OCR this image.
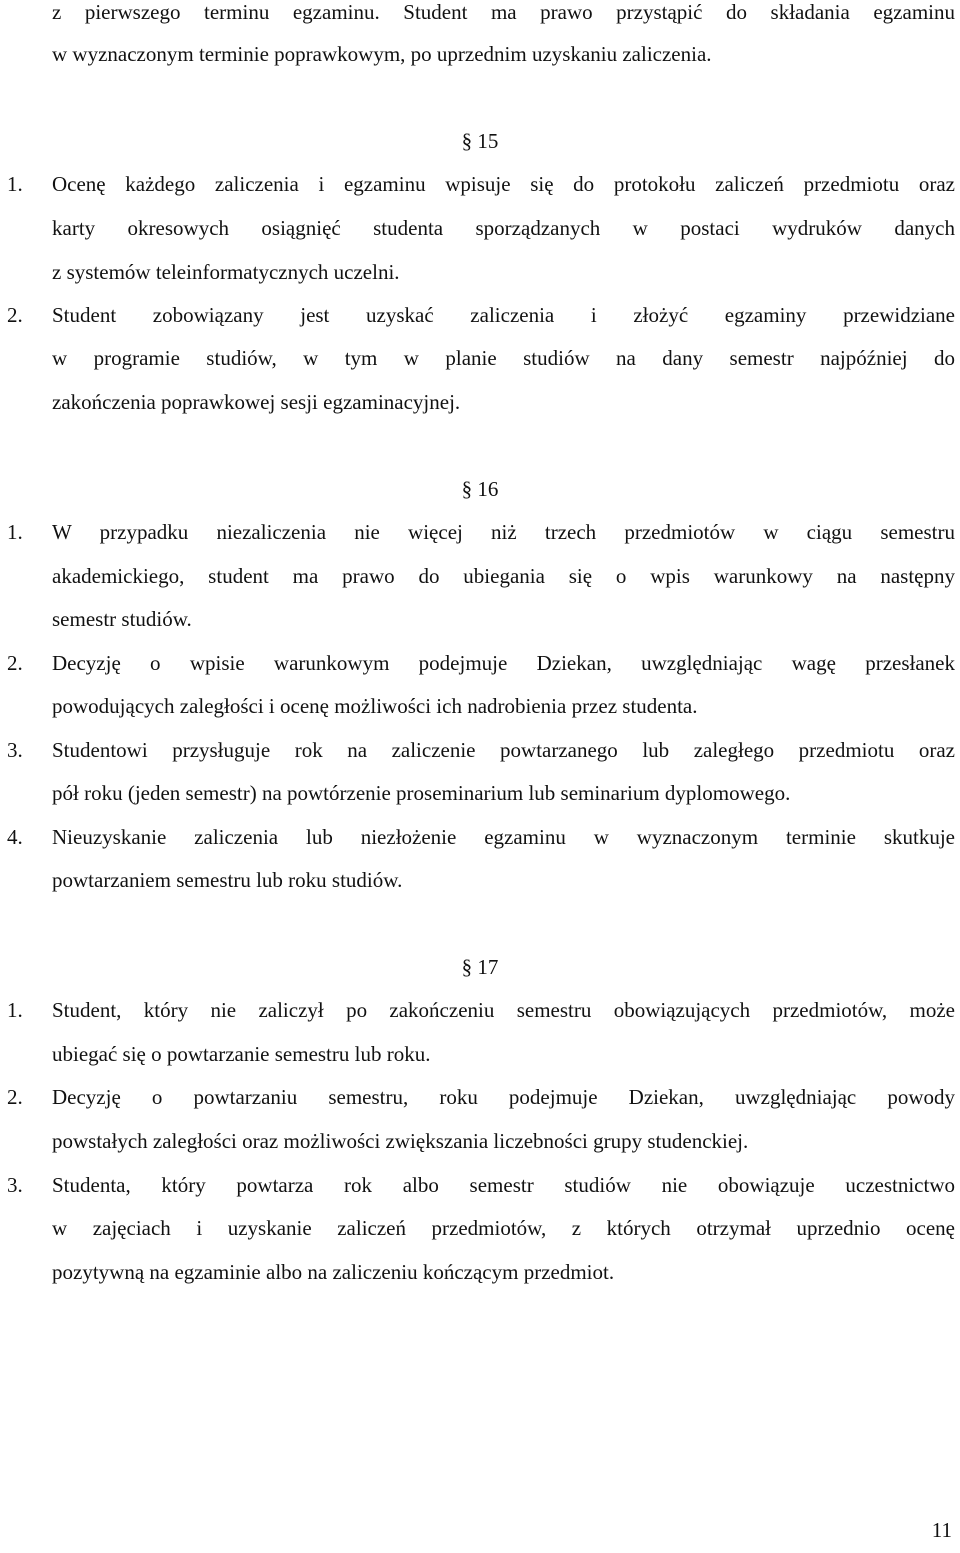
z pierwszego terminu egzaminu. Student ma prawo przystąpić do składania egzaminu
w wyznaczonym terminie poprawkowym, po uprzednim uzyskaniu zaliczenia.
§ 15
1. Ocenę każdego zaliczenia i egzaminu wpisuje się do protokołu zaliczeń przedmiotu oraz
karty okresowych osiągnięć studenta sporządzanych w postaci wydruków danych
z systemów teleinformatycznych uczelni.
2. Student zobowiązany jest uzyskać zaliczenia i złożyć egzaminy przewidziane
w programie studiów, w tym w planie studiów na dany semestr najpóźniej do
zakończenia poprawkowej sesji egzaminacyjnej.
§ 16
1. W przypadku niezaliczenia nie więcej niż trzech przedmiotów w ciągu semestru
akademickiego, student ma prawo do ubiegania się o wpis warunkowy na następny
semestr studiów.
2. Decyzję o wpisie warunkowym podejmuje Dziekan, uwzględniając wagę przesłanek
powodujących zaległości i ocenę możliwości ich nadrobienia przez studenta.
3. Studentowi przysługuje rok na zaliczenie powtarzanego lub zaległego przedmiotu oraz
pół roku (jeden semestr) na powtórzenie proseminarium lub seminarium dyplomowego.
4. Nieuzyskanie zaliczenia lub niezłożenie egzaminu w wyznaczonym terminie skutkuje
powtarzaniem semestru lub roku studiów.
§ 17
1. Student, który nie zaliczył po zakończeniu semestru obowiązujących przedmiotów, może
ubiegać się o powtarzanie semestru lub roku.
2. Decyzję o powtarzaniu semestru, roku podejmuje Dziekan, uwzględniając powody
powstałych zaległości oraz możliwości zwiększania liczebności grupy studenckiej.
3. Studenta, który powtarza rok albo semestr studiów nie obowiązuje uczestnictwo
w zajęciach i uzyskanie zaliczeń przedmiotów, z których otrzymał uprzednio ocenę
pozytywną na egzaminie albo na zaliczeniu kończącym przedmiot.
11
